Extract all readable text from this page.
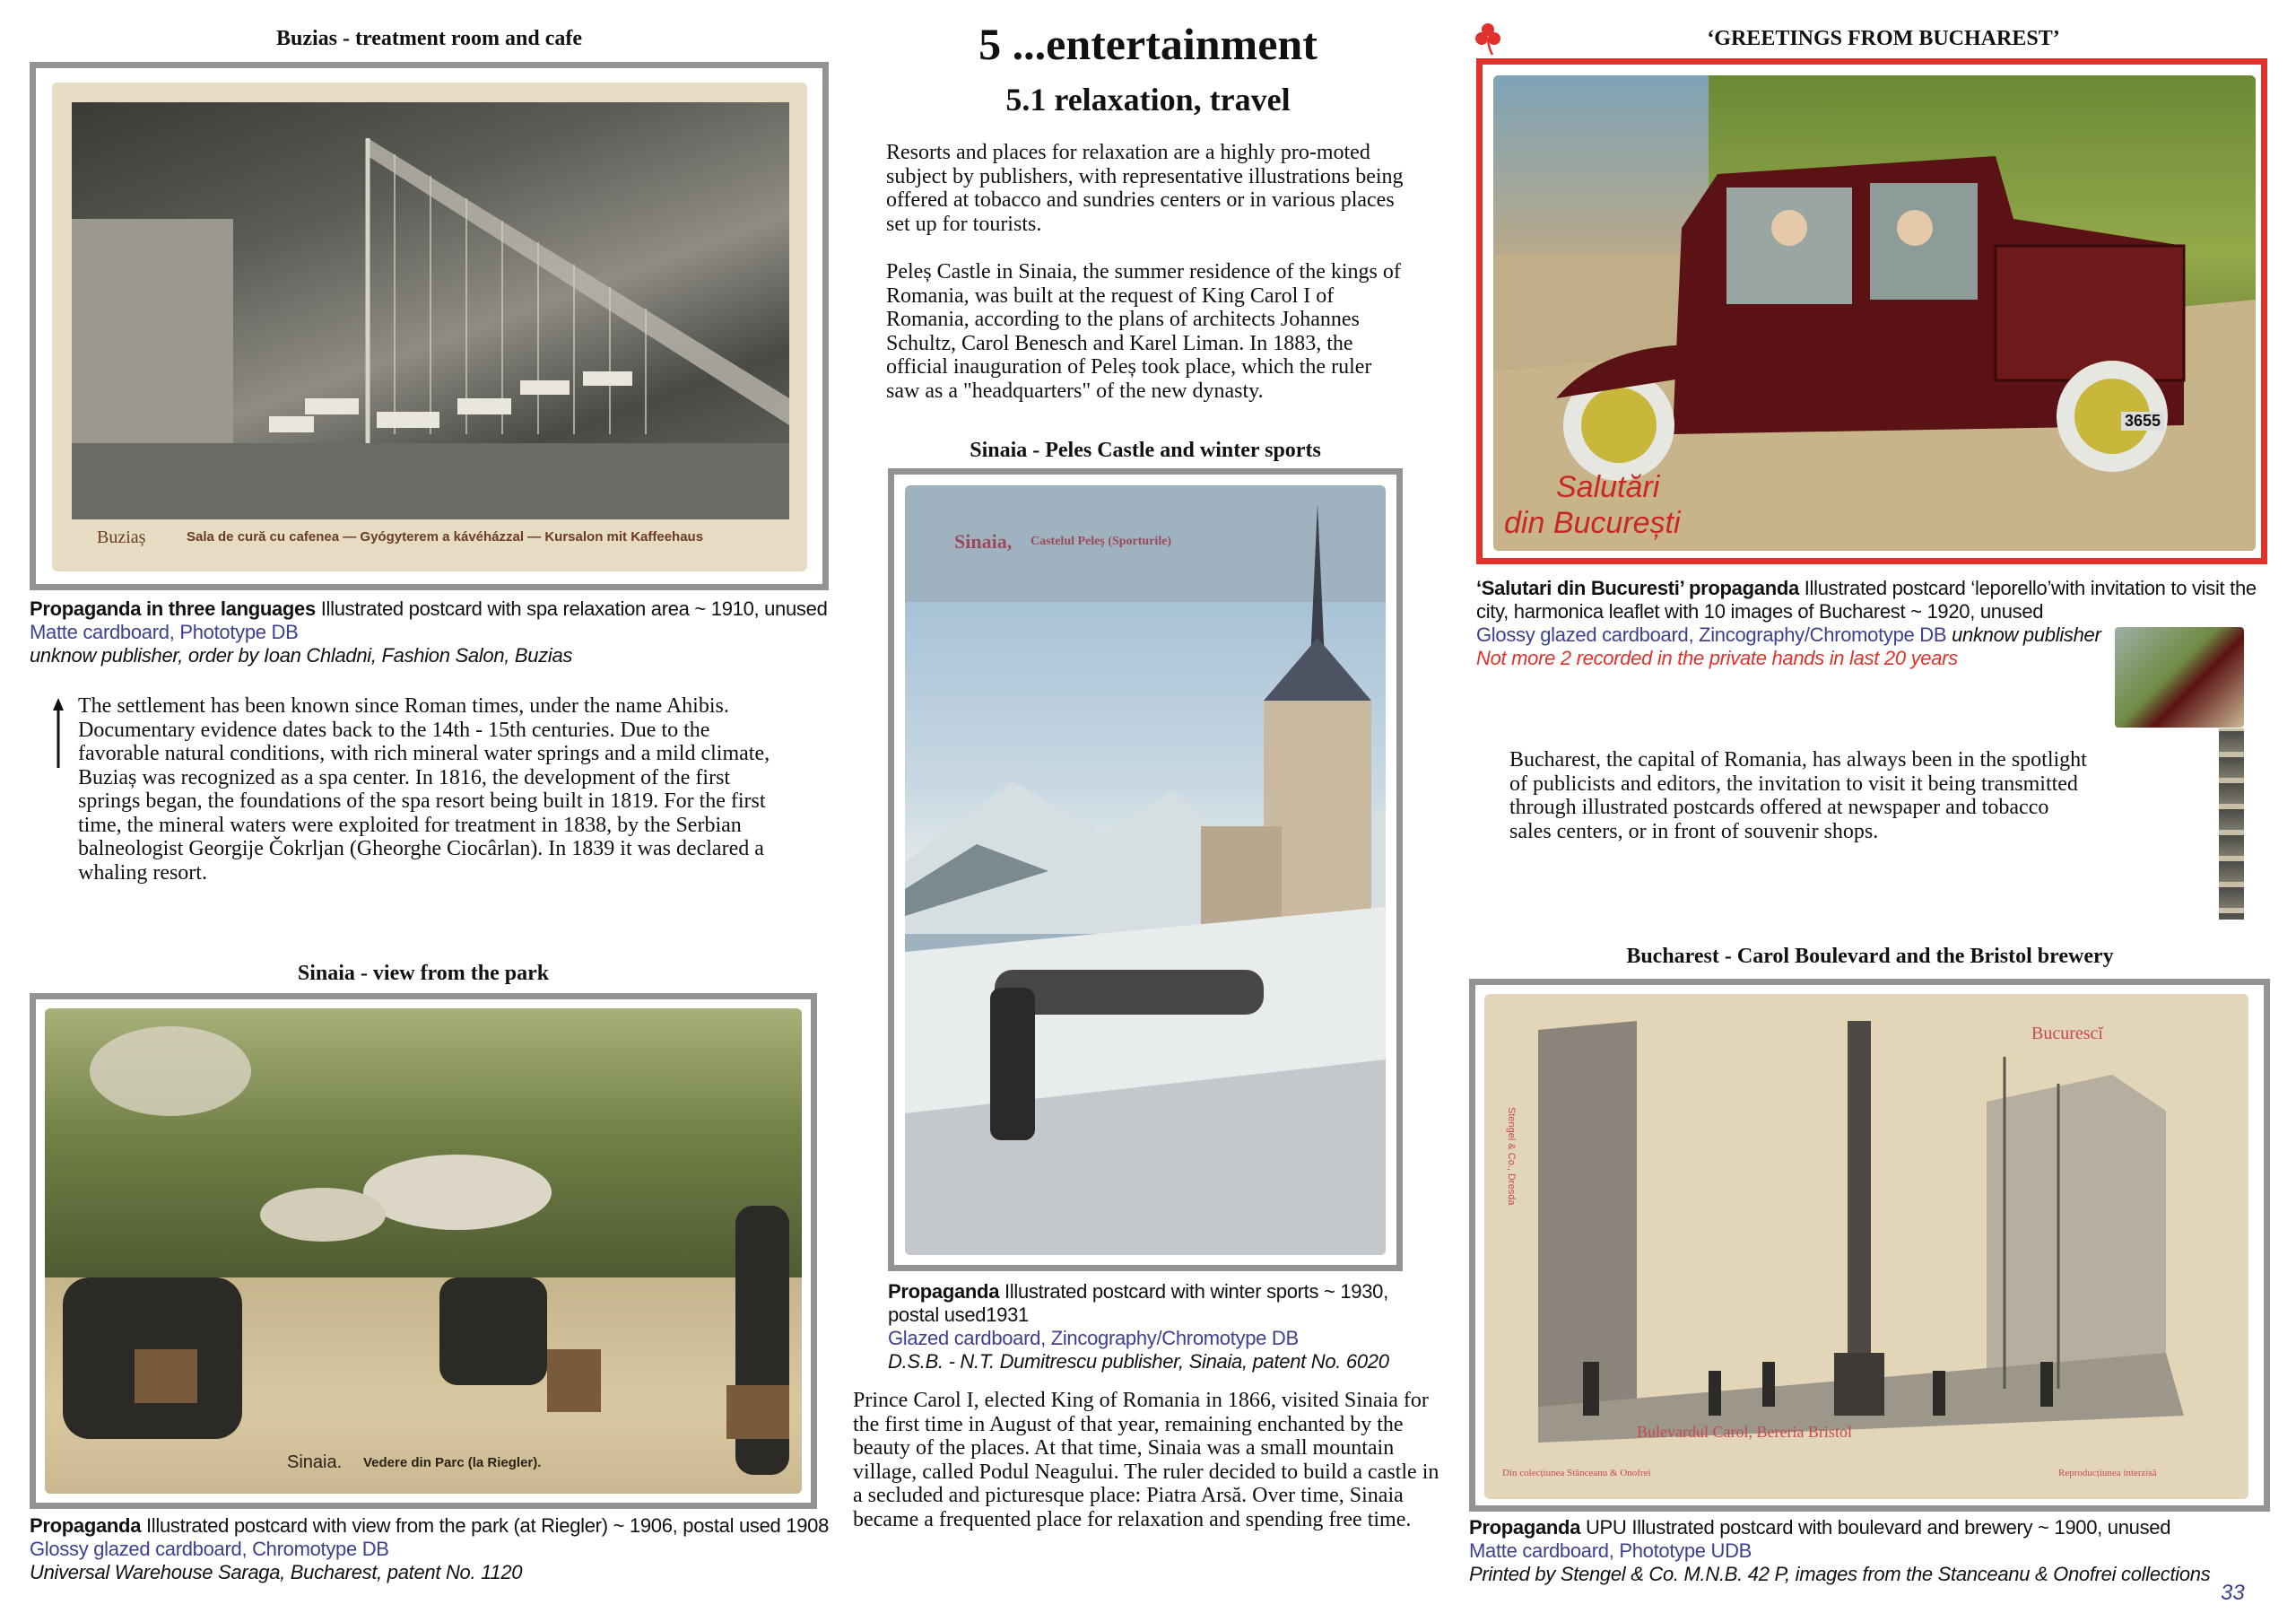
Buzias - treatment room and cafe
Buziaș	Sala de cură cu cafenea — Gyógyterem a kávéházzal — Kursalon mit Kaffeehaus
Propaganda in three languages Illustrated postcard with spa relaxation area ~ 1910, unused
Matte cardboard, Phototype DB
unknow publisher, order by Ioan Chladni, Fashion Salon, Buzias
The settlement has been known since Roman times, under the name Ahibis. Documentary evidence dates back to the 14th - 15th centuries. Due to the favorable natural conditions, with rich mineral water springs and a mild climate, Buziaș was recognized as a spa center. In 1816, the development of the first springs began, the foundations of the spa resort being built in 1819. For the first time, the mineral waters were exploited for treatment in 1838, by the Serbian balneologist Georgije Čokrljan (Gheorghe Ciocârlan). In 1839 it was declared a whaling resort.
Sinaia - view from the park
Sinaia. Vedere din Parc (la Riegler).
Propaganda Illustrated postcard with view from the park (at Riegler) ~ 1906, postal used 1908
Glossy glazed cardboard, Chromotype DB
Universal Warehouse Saraga, Bucharest, patent No. 1120
5 ...entertainment
5.1 relaxation, travel
Resorts and places for relaxation are a highly pro-moted subject by publishers, with representative illustrations being offered at tobacco and sundries centers or in various places set up for tourists.
Peleș Castle in Sinaia, the summer residence of the kings of Romania, was built at the request of King Carol I of Romania, according to the plans of architects Johannes Schultz, Carol Benesch and Karel Liman. In 1883, the official inauguration of Peleș took place, which the ruler saw as a "headquarters" of the new dynasty.
Sinaia - Peles Castle and winter sports
Sinaia, Castelul Peleș (Sporturile)
Propaganda Illustrated postcard with winter sports ~ 1930, postal used1931
Glazed cardboard, Zincography/Chromotype DB
D.S.B. - N.T. Dumitrescu publisher, Sinaia, patent No. 6020
Prince Carol I, elected King of Romania in 1866, visited Sinaia for the first time in August of that year, remaining enchanted by the beauty of the places. At that time, Sinaia was a small mountain village, called Podul Neagului. The ruler decided to build a castle in a secluded and picturesque place: Piatra Arsă. Over time, Sinaia became a frequented place for relaxation and spending free time.
‘GREETINGS FROM BUCHAREST’
3655
Salutări
din București
‘Salutari din Bucuresti’ propaganda Illustrated postcard ‘leporello’with invitation to visit the city, harmonica leaflet with 10 images of Bucharest ~ 1920, unused
Glossy glazed cardboard, Zincography/Chromotype DB unknow publisher
Not more 2 recorded in the private hands in last 20 years
Bucharest, the capital of Romania, has always been in the spotlight of publicists and editors, the invitation to visit it being transmitted through illustrated postcards offered at newspaper and tobacco sales centers, or in front of souvenir shops.
Bucharest - Carol Boulevard and the Bristol brewery
Bucurescĭ
Stengel & Co., Dresda
Bulevardul Carol, Bereria Bristol
Din colecțiunea Stănceanu & Onofrei	Reproducțiunea interzisă
Propaganda UPU Illustrated postcard with boulevard and brewery ~ 1900, unused
Matte cardboard, Phototype UDB
Printed by Stengel & Co. M.N.B. 42 P, images from the Stanceanu & Onofrei collections
33
